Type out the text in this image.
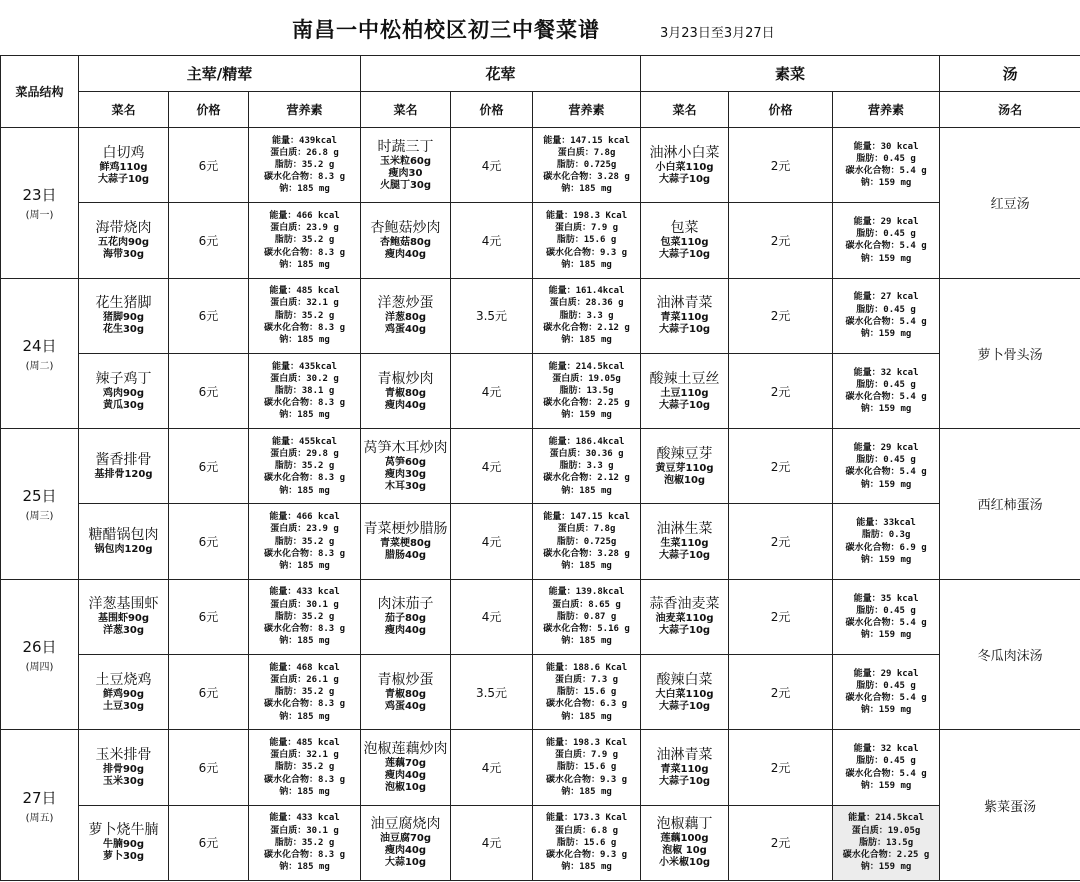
南昌一中松柏校区初三中餐菜谱	3月23日至3月27日
菜品结构	主荤/精荤			花荤			素菜			汤
	菜名	价格	营养素	菜名	价格	营养素	菜名	价格	营养素	汤名
23日
(周一)	白切鸡
鲜鸡110g
大蒜子10g	6元	能量：439kcal
蛋白质：26.8 g
脂肪：35.2 g
碳水化合物：8.3 g
钠：185 mg	时蔬三丁
玉米粒60g
瘦肉30
火腿丁30g	4元	能量：147.15 kcal
蛋白质：7.8g
脂肪：0.725g
碳水化合物：3.28 g
钠：185 mg	油淋小白菜
小白菜110g
大蒜子10g	2元	能量：30 kcal
脂肪：0.45 g
碳水化合物：5.4 g
钠：159 mg	红豆汤

	海带烧肉
五花肉90g
海带30g	6元	能量：466 kcal
蛋白质：23.9 g
脂肪：35.2 g
碳水化合物：8.3 g
钠：185 mg	杏鲍菇炒肉
杏鲍菇80g
瘦肉40g	4元	能量：198.3 Kcal
蛋白质：7.9 g
脂肪：15.6 g
碳水化合物：9.3 g
钠：185 mg	包菜
包菜110g
大蒜子10g	2元	能量：29 kcal
脂肪：0.45 g
碳水化合物：5.4 g
钠：159 mg	

24日
(周二)	花生猪脚
猪脚90g
花生30g	6元	能量：485 kcal
蛋白质：32.1 g
脂肪：35.2 g
碳水化合物：8.3 g
钠：185 mg	洋葱炒蛋
洋葱80g
鸡蛋40g	3.5元	能量：161.4kcal
蛋白质：28.36 g
脂肪：3.3 g
碳水化合物：2.12 g
钠：185 mg	油淋青菜
青菜110g
大蒜子10g	2元	能量：27 kcal
脂肪：0.45 g
碳水化合物：5.4 g
钠：159 mg	萝卜骨头汤

	辣子鸡丁
鸡肉90g
黄瓜30g	6元	能量：435kcal
蛋白质：30.2 g
脂肪：38.1 g
碳水化合物：8.3 g
钠：185 mg	青椒炒肉
青椒80g
瘦肉40g	4元	能量：214.5kcal
蛋白质：19.05g
脂肪：13.5g
碳水化合物：2.25 g
钠：159 mg	酸辣土豆丝
土豆110g
大蒜子10g	2元	能量：32 kcal
脂肪：0.45 g
碳水化合物：5.4 g
钠：159 mg	

25日
(周三)	酱香排骨
基排骨120g	6元	能量：455kcal
蛋白质：29.8 g
脂肪：35.2 g
碳水化合物：8.3 g
钠：185 mg	莴笋木耳炒肉
莴笋60g
瘦肉30g
木耳30g	4元	能量：186.4kcal
蛋白质：30.36 g
脂肪：3.3 g
碳水化合物：2.12 g
钠：185 mg	酸辣豆芽
黄豆芽110g
泡椒10g	2元	能量：29 kcal
脂肪：0.45 g
碳水化合物：5.4 g
钠：159 mg	西红柿蛋汤

	糖醋锅包肉
锅包肉120g	6元	能量：466 kcal
蛋白质：23.9 g
脂肪：35.2 g
碳水化合物：8.3 g
钠：185 mg	青菜梗炒腊肠
青菜梗80g
腊肠40g	4元	能量：147.15 kcal
蛋白质：7.8g
脂肪：0.725g
碳水化合物：3.28 g
钠：185 mg	油淋生菜
生菜110g
大蒜子10g	2元	能量：33kcal
脂肪：0.3g
碳水化合物：6.9 g
钠：159 mg	

26日
(周四)	洋葱基围虾
基围虾90g
洋葱30g	6元	能量：433 kcal
蛋白质：30.1 g
脂肪：35.2 g
碳水化合物：8.3 g
钠：185 mg	肉沫茄子
茄子80g
瘦肉40g	4元	能量：139.8kcal
蛋白质：8.65 g
脂肪：0.87 g
碳水化合物：5.16 g
钠：185 mg	蒜香油麦菜
油麦菜110g
大蒜子10g	2元	能量：35 kcal
脂肪：0.45 g
碳水化合物：5.4 g
钠：159 mg	冬瓜肉沫汤

	土豆烧鸡
鲜鸡90g
土豆30g	6元	能量：468 kcal
蛋白质：26.1 g
脂肪：35.2 g
碳水化合物：8.3 g
钠：185 mg	青椒炒蛋
青椒80g
鸡蛋40g	3.5元	能量：188.6 Kcal
蛋白质：7.3 g
脂肪：15.6 g
碳水化合物：6.3 g
钠：185 mg	酸辣白菜
大白菜110g
大蒜子10g	2元	能量：29 kcal
脂肪：0.45 g
碳水化合物：5.4 g
钠：159 mg	

27日
(周五)	玉米排骨
排骨90g
玉米30g	6元	能量：485 kcal
蛋白质：32.1 g
脂肪：35.2 g
碳水化合物：8.3 g
钠：185 mg	泡椒莲藕炒肉
莲藕70g
瘦肉40g
泡椒10g	4元	能量：198.3 Kcal
蛋白质：7.9 g
脂肪：15.6 g
碳水化合物：9.3 g
钠：185 mg	油淋青菜
青菜110g
大蒜子10g	2元	能量：32 kcal
脂肪：0.45 g
碳水化合物：5.4 g
钠：159 mg	紫菜蛋汤

	萝卜烧牛腩
牛腩90g
萝卜30g	6元	能量：433 kcal
蛋白质：30.1 g
脂肪：35.2 g
碳水化合物：8.3 g
钠：185 mg	油豆腐烧肉
油豆腐70g
瘦肉40g
大蒜10g	4元	能量：173.3 Kcal
蛋白质：6.8 g
脂肪：15.6 g
碳水化合物：9.3 g
钠：185 mg	泡椒藕丁
莲藕100g
泡椒 10g
小米椒10g	2元	能量：214.5kcal
蛋白质：19.05g
脂肪：13.5g
碳水化合物：2.25 g
钠：159 mg	
